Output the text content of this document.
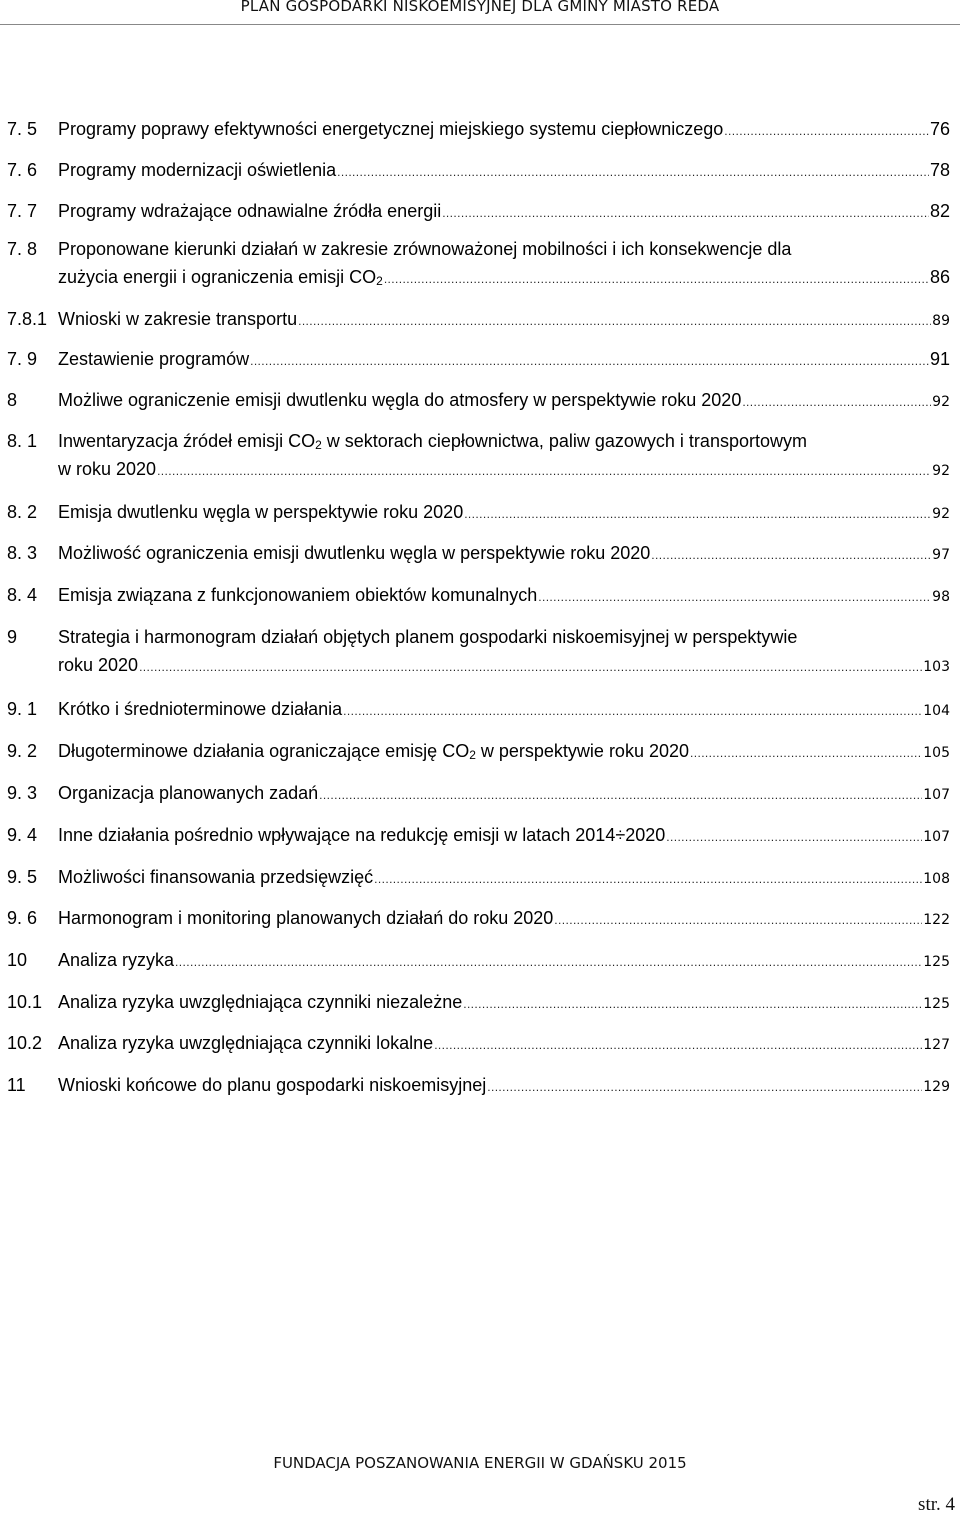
PLAN GOSPODARKI NISKOEMISYJNEJ DLA GMINY MIASTO REDA
7. 5 Programy poprawy efektywności energetycznej miejskiego systemu ciepłowniczego .....	76
7. 6 Programy modernizacji oświetlenia .....	78
7. 7 Programy wdrażające odnawialne źródła energii .....	82
7. 8 Proponowane kierunki działań w zakresie zrównoważonej mobilności i ich konsekwencje dla
zużycia energii i ograniczenia emisji $CO_2$ .....	86
7.8.1 Wnioski w zakresie transportu .....	89
7. 9 Zestawienie programów .....	91
8 Możliwe ograniczenie emisji dwutlenku węgla do atmosfery w perspektywie roku 2020 .....	92
8. 1 Inwentaryzacja źródeł emisji $CO_2$ w sektorach ciepłownictwa, paliw gazowych i transportowym
w roku 2020 .....	92
8. 2 Emisja dwutlenku węgla w perspektywie roku 2020 .....	92
8. 3 Możliwość ograniczenia emisji dwutlenku węgla w perspektywie roku 2020 .....	97
8. 4 Emisja związana z funkcjonowaniem obiektów komunalnych .....	98
9 Strategia i harmonogram działań objętych planem gospodarki niskoemisyjnej w perspektywie
roku 2020 .....	103
9. 1 Krótko i średnioterminowe działania .....	104
9. 2 Długoterminowe działania ograniczające emisję $CO_2$ w perspektywie roku 2020 .....	105
9. 3 Organizacja planowanych zadań .....	107
9. 4 Inne działania pośrednio wpływające na redukcję emisji w latach 2014÷2020 .....	107
9. 5 Możliwości finansowania przedsięwzięć .....	108
9. 6 Harmonogram i monitoring planowanych działań do roku 2020 .....	122
10 Analiza ryzyka .....	125
10.1 Analiza ryzyka uwzględniająca czynniki niezależne .....	125
10.2 Analiza ryzyka uwzględniająca czynniki lokalne .....	127
11 Wnioski końcowe do planu gospodarki niskoemisyjnej .....	129
FUNDACJA POSZANOWANIA ENERGII W GDAŃSKU 2015
str. 4
